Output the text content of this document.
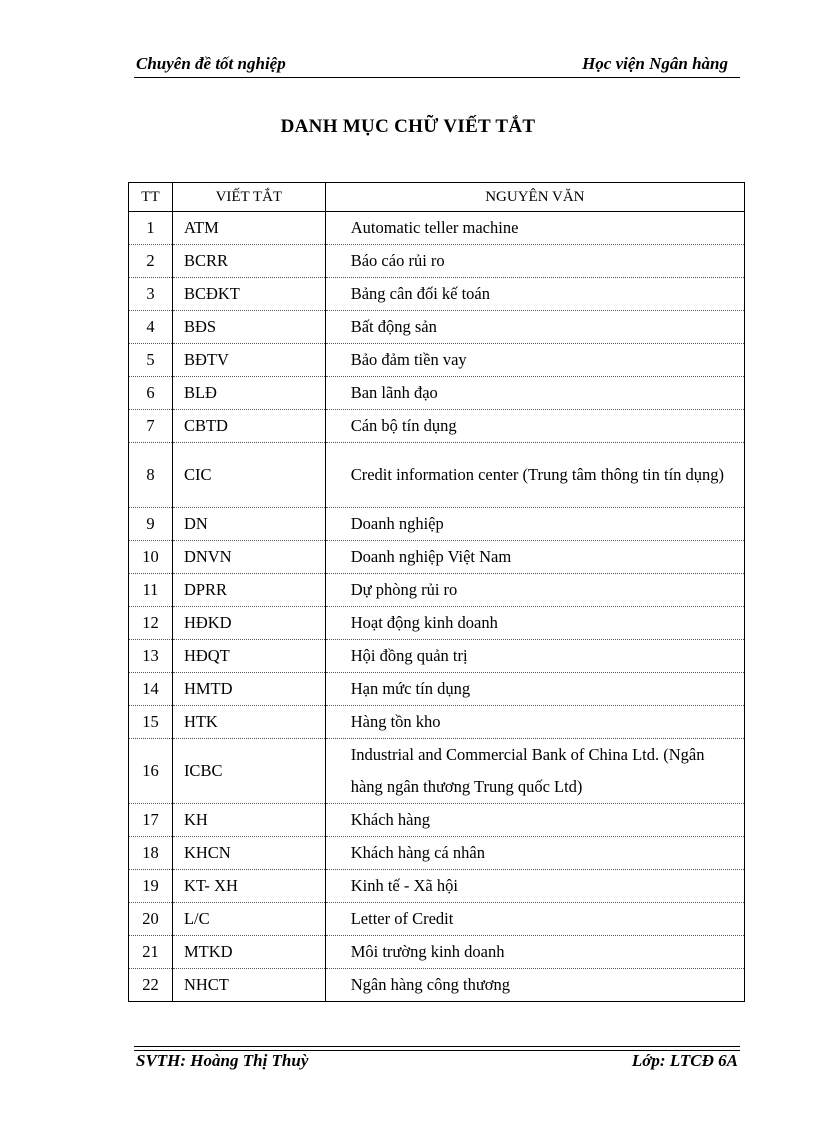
Chuyên đề tốt nghiệp	Học viện Ngân hàng
DANH MỤC CHỮ VIẾT TẮT
TT	VIẾT TẮT	NGUYÊN VĂN
1	ATM	Automatic teller machine
2	BCRR	Báo cáo rủi ro
3	BCĐKT	Bảng cân đối kế toán
4	BĐS	Bất động sản
5	BĐTV	Bảo đảm tiền vay
6	BLĐ	Ban lãnh đạo
7	CBTD	Cán bộ tín dụng
8	CIC	Credit information center (Trung tâm thông tin tín dụng)
9	DN	Doanh nghiệp
10	DNVN	Doanh nghiệp Việt Nam
11	DPRR	Dự phòng rủi ro
12	HĐKD	Hoạt động kinh doanh
13	HĐQT	Hội đồng quản trị
14	HMTD	Hạn mức tín dụng
15	HTK	Hàng tồn kho
16	ICBC	Industrial and Commercial Bank of China Ltd. (Ngân hàng ngân thương Trung quốc Ltd)
17	KH	Khách hàng
18	KHCN	Khách hàng cá nhân
19	KT- XH	Kinh tế - Xã hội
20	L/C	Letter of Credit
21	MTKD	Môi trường kinh doanh
22	NHCT	Ngân hàng công thương
SVTH: Hoàng Thị Thuỳ	Lớp: LTCĐ 6A
